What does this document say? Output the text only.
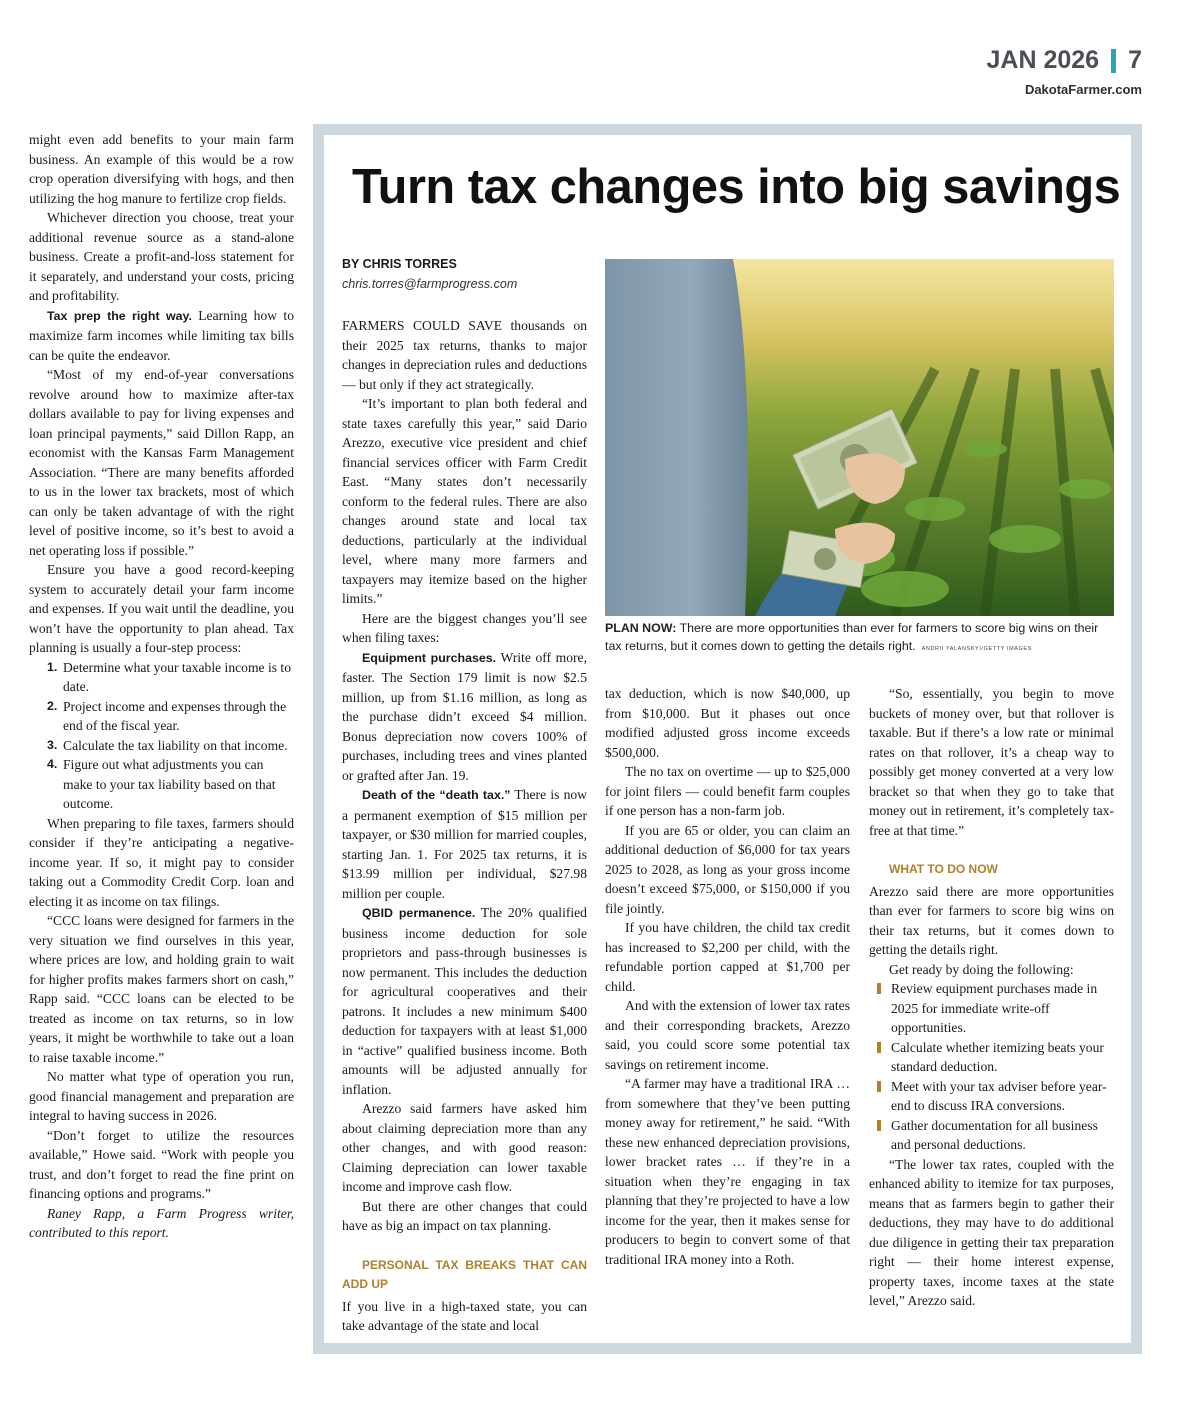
JAN 2026 7
DakotaFarmer.com

might even add benefits to your main farm business. An example of this would be a row crop operation diversifying with hogs, and then utilizing the hog manure to fertilize crop fields.

Whichever direction you choose, treat your additional revenue source as a stand-alone business. Create a profit-and-loss statement for it separately, and understand your costs, pricing and profitability.

Tax prep the right way. Learning how to maximize farm incomes while limiting tax bills can be quite the endeavor.

“Most of my end-of-year conversations revolve around how to maximize after-tax dollars available to pay for living expenses and loan principal payments,” said Dillon Rapp, an economist with the Kansas Farm Management Association. “There are many benefits afforded to us in the lower tax brackets, most of which can only be taken advantage of with the right level of positive income, so it’s best to avoid a net operating loss if possible.”

Ensure you have a good record-keeping system to accurately detail your farm income and expenses. If you wait until the deadline, you won’t have the opportunity to plan ahead. Tax planning is usually a four-step process:

1. Determine what your taxable income is to date.
2. Project income and expenses through the end of the fiscal year.
3. Calculate the tax liability on that income.
4. Figure out what adjustments you can make to your tax liability based on that outcome.

When preparing to file taxes, farmers should consider if they’re anticipating a negative-income year. If so, it might pay to consider taking out a Commodity Credit Corp. loan and electing it as income on tax filings.

“CCC loans were designed for farmers in the very situation we find ourselves in this year, where prices are low, and holding grain to wait for higher profits makes farmers short on cash,” Rapp said. “CCC loans can be elected to be treated as income on tax returns, so in low years, it might be worthwhile to take out a loan to raise taxable income.”

No matter what type of operation you run, good financial management and preparation are integral to having success in 2026.

“Don’t forget to utilize the resources available,” Howe said. “Work with people you trust, and don’t forget to read the fine print on financing options and programs.”

Raney Rapp, a Farm Progress writer, contributed to this report.

Turn tax changes into big savings
BY CHRIS TORRES
chris.torres@farmprogress.com
PLAN NOW: There are more opportunities than ever for farmers to score big wins on their tax returns, but it comes down to getting the details right. ANDRII YALANSKYI/GETTY IMAGES

FARMERS COULD SAVE thousands on their 2025 tax returns, thanks to major changes in depreciation rules and deductions — but only if they act strategically.

“It’s important to plan both federal and state taxes carefully this year,” said Dario Arezzo, executive vice president and chief financial services officer with Farm Credit East. “Many states don’t necessarily conform to the federal rules. There are also changes around state and local tax deductions, particularly at the individual level, where many more farmers and taxpayers may itemize based on the higher limits.”

Here are the biggest changes you’ll see when filing taxes:

Equipment purchases. Write off more, faster. The Section 179 limit is now $2.5 million, up from $1.16 million, as long as the purchase didn’t exceed $4 million. Bonus depreciation now covers 100% of purchases, including trees and vines planted or grafted after Jan. 19.

Death of the “death tax.” There is now a permanent exemption of $15 million per taxpayer, or $30 million for married couples, starting Jan. 1. For 2025 tax returns, it is $13.99 million per individual, $27.98 million per couple.

QBID permanence. The 20% qualified business income deduction for sole proprietors and pass-through businesses is now permanent. This includes the deduction for agricultural cooperatives and their patrons. It includes a new minimum $400 deduction for taxpayers with at least $1,000 in “active” qualified business income. Both amounts will be adjusted annually for inflation.

Arezzo said farmers have asked him about claiming depreciation more than any other changes, and with good reason: Claiming depreciation can lower taxable income and improve cash flow.

But there are other changes that could have as big an impact on tax planning.

PERSONAL TAX BREAKS THAT CAN ADD UP

If you live in a high-taxed state, you can take advantage of the state and local

tax deduction, which is now $40,000, up from $10,000. But it phases out once modified adjusted gross income exceeds $500,000.

The no tax on overtime — up to $25,000 for joint filers — could benefit farm couples if one person has a non-farm job.

If you are 65 or older, you can claim an additional deduction of $6,000 for tax years 2025 to 2028, as long as your gross income doesn’t exceed $75,000, or $150,000 if you file jointly.

If you have children, the child tax credit has increased to $2,200 per child, with the refundable portion capped at $1,700 per child.

And with the extension of lower tax rates and their corresponding brackets, Arezzo said, you could score some potential tax savings on retirement income.

“A farmer may have a traditional IRA … from somewhere that they’ve been putting money away for retirement,” he said. “With these new enhanced depreciation provisions, lower bracket rates … if they’re in a situation when they’re engaging in tax planning that they’re projected to have a low income for the year, then it makes sense for producers to begin to convert some of that traditional IRA money into a Roth.

“So, essentially, you begin to move buckets of money over, but that rollover is taxable. But if there’s a low rate or minimal rates on that rollover, it’s a cheap way to possibly get money converted at a very low bracket so that when they go to take that money out in retirement, it’s completely tax-free at that time.”

WHAT TO DO NOW

Arezzo said there are more opportunities than ever for farmers to score big wins on their tax returns, but it comes down to getting the details right.

Get ready by doing the following:

Review equipment purchases made in 2025 for immediate write-off opportunities.
Calculate whether itemizing beats your standard deduction.
Meet with your tax adviser before year-end to discuss IRA conversions.
Gather documentation for all business and personal deductions.

“The lower tax rates, coupled with the enhanced ability to itemize for tax purposes, means that as farmers begin to gather their deductions, they may have to do additional due diligence in getting their tax preparation right — their home interest expense, property taxes, income taxes at the state level,” Arezzo said.
